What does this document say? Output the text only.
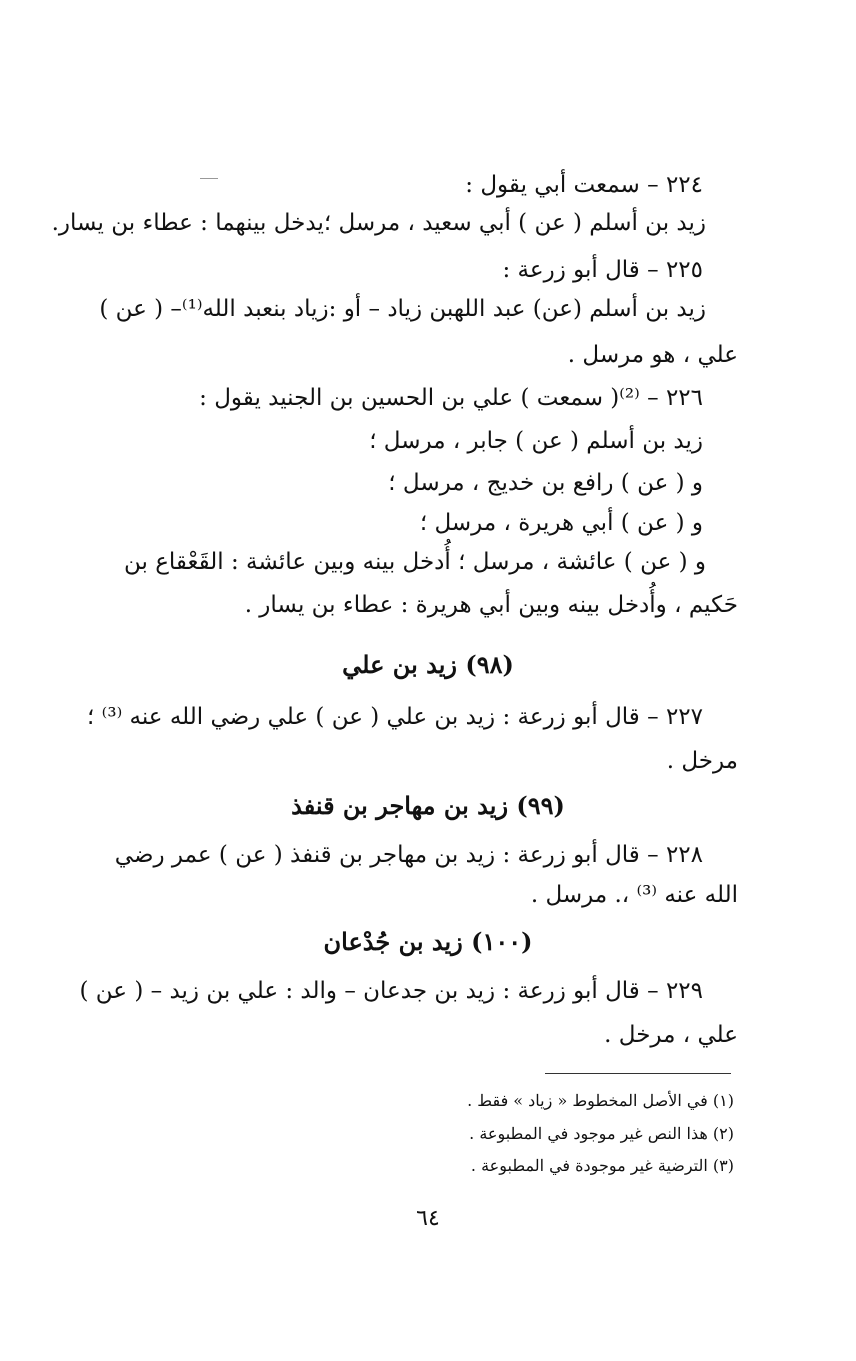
٢٢٤ – سمعت أبي يقول :
زيد بن أسلم ( عن ) أبي سعيد ، مرسل ؛يدخل بينهما : عطاء بن يسار.
٢٢٥ – قال أبو زرعة :
زيد بن أسلم (عن) عبد اللهبن زياد – أو :زياد بنعبد الله⁽¹⁾– ( عن )
علي ، هو مرسل .
٢٢٦ – ⁽²⁾( سمعت ) علي بن الحسين بن الجنيد يقول :
زيد بن أسلم ( عن ) جابر ، مرسل ؛
و ( عن ) رافع بن خديج ، مرسل ؛
و ( عن ) أبي هريرة ، مرسل ؛
و ( عن ) عائشة ، مرسل ؛ أُدخل بينه وبين عائشة : القَعْقاع بن
حَكيم ، وأُدخل بينه وبين أبي هريرة : عطاء بن يسار .
(٩٨) زيد بن علي
٢٢٧ – قال أبو زرعة : زيد بن علي ( عن ) علي رضي الله عنه ⁽³⁾ ؛
مرخل .
(٩٩) زيد بن مهاجر بن قنفذ
٢٢٨ – قال أبو زرعة : زيد بن مهاجر بن قنفذ ( عن ) عمر رضي
الله عنه ⁽³⁾ ،. مرسل .
(١٠٠) زيد بن جُدْعان
٢٢٩ – قال أبو زرعة : زيد بن جدعان – والد : علي بن زيد – ( عن )
علي ، مرخل .
(١) في الأصل المخطوط « زياد » فقط .
(٢) هذا النص غير موجود في المطبوعة .
(٣) الترضية غير موجودة في المطبوعة .
٦٤
